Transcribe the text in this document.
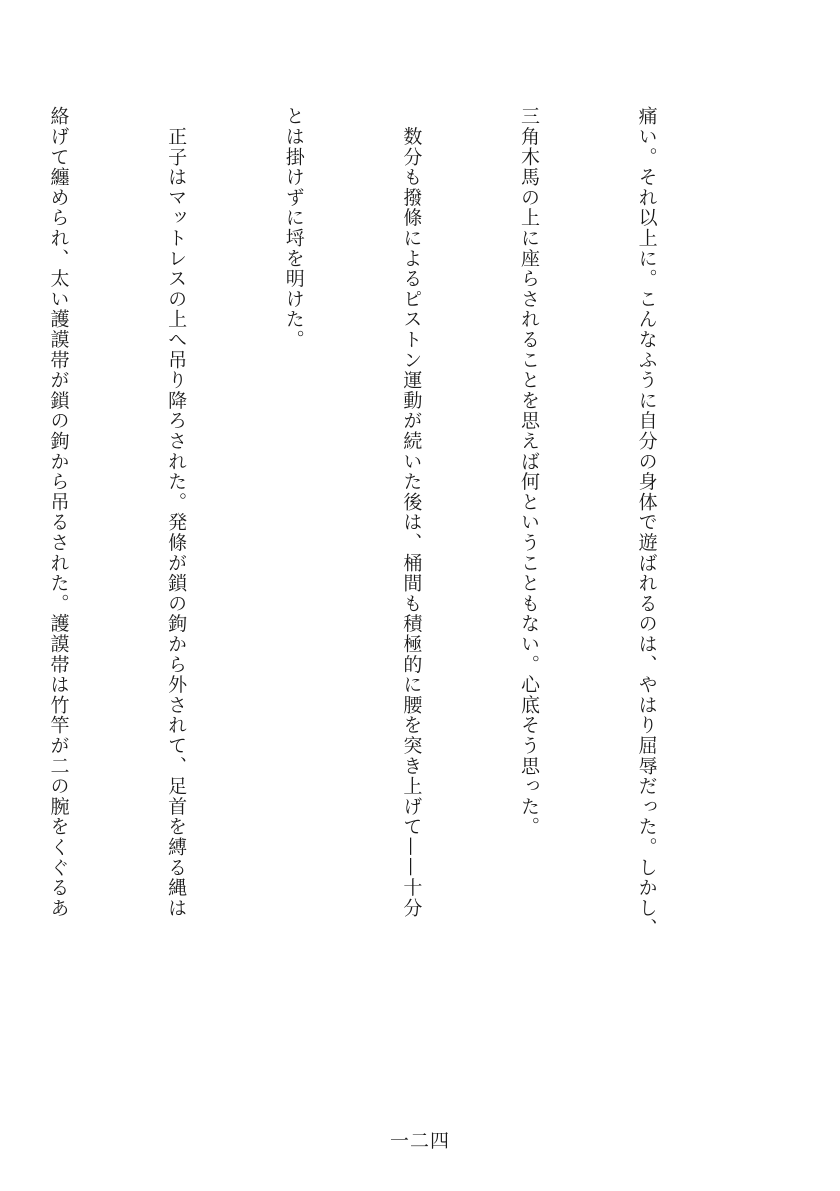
痛い。それ以上に。こんなふうに自分の身体で遊ばれるのは、やはり屈辱だった。しかし、

三角木馬の上に座らされることを思えば何ということもない。心底そう思った。

　数分も撥條によるピストン運動が続いた後は、桶間も積極的に腰を突き上げて——十分

とは掛けずに埒を明けた。

　正子はマットレスの上へ吊り降ろされた。発條が鎖の鉤から外されて、足首を縛る縄は

絡げて纏められ、太い護謨帯が鎖の鉤から吊るされた。護謨帯は竹竿が二の腕をくぐるあ

一二四
